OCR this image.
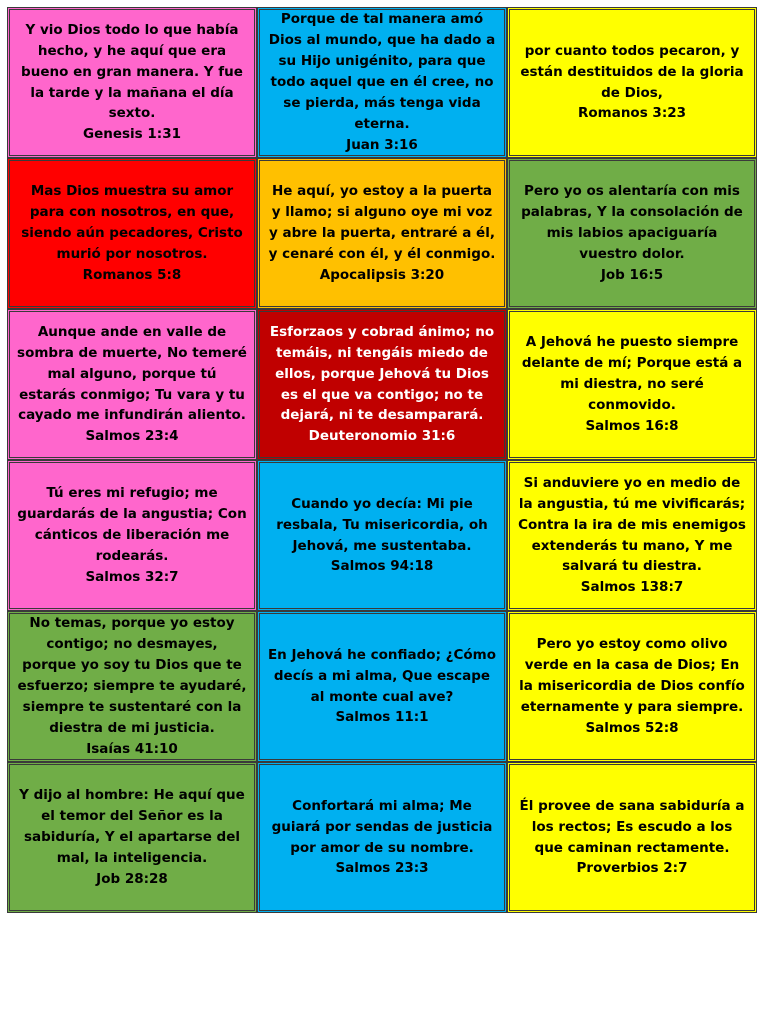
Y vio Dios todo lo que había hecho, y he aquí que era bueno en gran manera. Y fue la tarde y la mañana el día sexto.
Genesis 1:31
Porque de tal manera amó Dios al mundo, que ha dado a su Hijo unigénito, para que todo aquel que en él cree, no se pierda, más tenga vida eterna.
Juan 3:16
por cuanto todos pecaron, y están destituidos de la gloria de Dios,
Romanos 3:23
Mas Dios muestra su amor para con nosotros, en que, siendo aún pecadores, Cristo murió por nosotros.
Romanos 5:8
He aquí, yo estoy a la puerta y llamo; si alguno oye mi voz y abre la puerta, entraré a él, y cenaré con él, y él conmigo.
Apocalipsis 3:20
Pero yo os alentaría con mis palabras, Y la consolación de mis labios apaciguaría vuestro dolor.
Job 16:5
Aunque ande en valle de sombra de muerte, No temeré mal alguno, porque tú estarás conmigo; Tu vara y tu cayado me infundirán aliento.
Salmos 23:4
Esforzaos y cobrad ánimo; no temáis, ni tengáis miedo de ellos, porque Jehová tu Dios es el que va contigo; no te dejará, ni te desamparará.
Deuteronomio 31:6
A Jehová he puesto siempre delante de mí; Porque está a mi diestra, no seré conmovido.
Salmos 16:8
Tú eres mi refugio; me guardarás de la angustia; Con cánticos de liberación me rodearás.
Salmos 32:7
Cuando yo decía: Mi pie resbala, Tu misericordia, oh Jehová, me sustentaba.
Salmos 94:18
Si anduviere yo en medio de la angustia, tú me vivificarás; Contra la ira de mis enemigos extenderás tu mano, Y me salvará tu diestra.
Salmos 138:7
No temas, porque yo estoy contigo; no desmayes, porque yo soy tu Dios que te esfuerzo; siempre te ayudaré, siempre te sustentaré con la diestra de mi justicia.
Isaías 41:10
En Jehová he confiado; ¿Cómo decís a mi alma, Que escape al monte cual ave?
Salmos 11:1
Pero yo estoy como olivo verde en la casa de Dios; En la misericordia de Dios confío eternamente y para siempre.
Salmos 52:8
Y dijo al hombre: He aquí que el temor del Señor es la sabiduría, Y el apartarse del mal, la inteligencia.
Job 28:28
Confortará mi alma; Me guiará por sendas de justicia por amor de su nombre.
Salmos 23:3
Él provee de sana sabiduría a los rectos; Es escudo a los que caminan rectamente.
Proverbios 2:7
